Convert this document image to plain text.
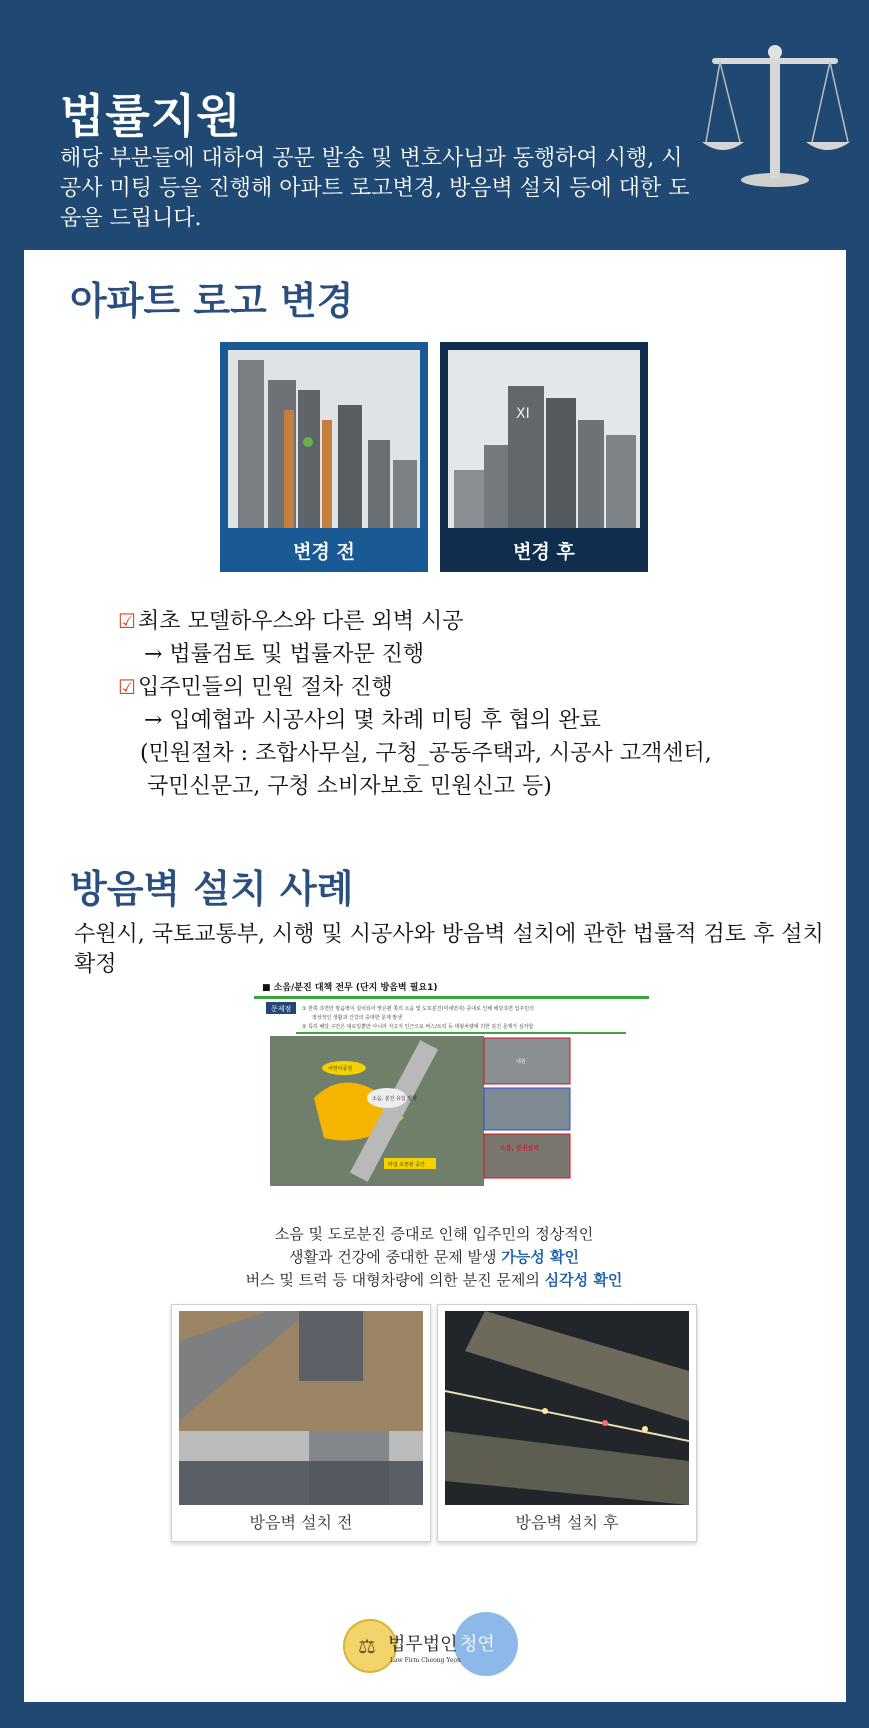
법률지원
해당 부분들에 대하여 공문 발송 및 변호사님과 동행하여 시행, 시공사 미팅 등을 진행해 아파트 로고변경, 방음벽 설치 등에 대한 도움을 드립니다.
아파트 로고 변경
변경 전
XI
변경 후
☑최초 모델하우스와 다른 외벽 시공
→ 법률검토 및 법률자문 진행
☑입주민들의 민원 절차 진행
→ 입예협과 시공사의 몇 차례 미팅 후 협의 완료
(민원절차 : 조합사무실, 구청_공동주택과, 시공사 고객센터,
국민신문고, 구청 소비자보호 민원신고 등)
방음벽 설치 사례
수원시, 국토교통부, 시행 및 시공사와 방음벽 설치에 관한 법률적 검토 후 설치 확정
■ 소음/분진 대책 전무 (단지 방음벽 필요1)
문제점 ① 한쪽 측면만 방음벽이 설치되어 맞은편 쪽의 소음 및 도로분진(미세먼지) 증대로 인해 해당측면 입주민의
정상적인 생활과 건강의 중대한 문제 발생
② 특히 해당 구간은 대로일뿐만 아니라 자고지 인근으로 버스/트럭 등 대형차량에 의한 분진 문제가 심각함
어린이공원
소음, 분진 유입 방향
터널 오픈된 공간
내원
소음, 분진심각
소음 및 도로분진 증대로 인해 입주민의 정상적인
생활과 건강에 중대한 문제 발생 가능성 확인
버스 및 트럭 등 대형차량에 의한 분진 문제의 심각성 확인
방음벽 설치 전	방음벽 설치 후
⚖ 법무법인 청연
Law Firm Cheong Yeon
